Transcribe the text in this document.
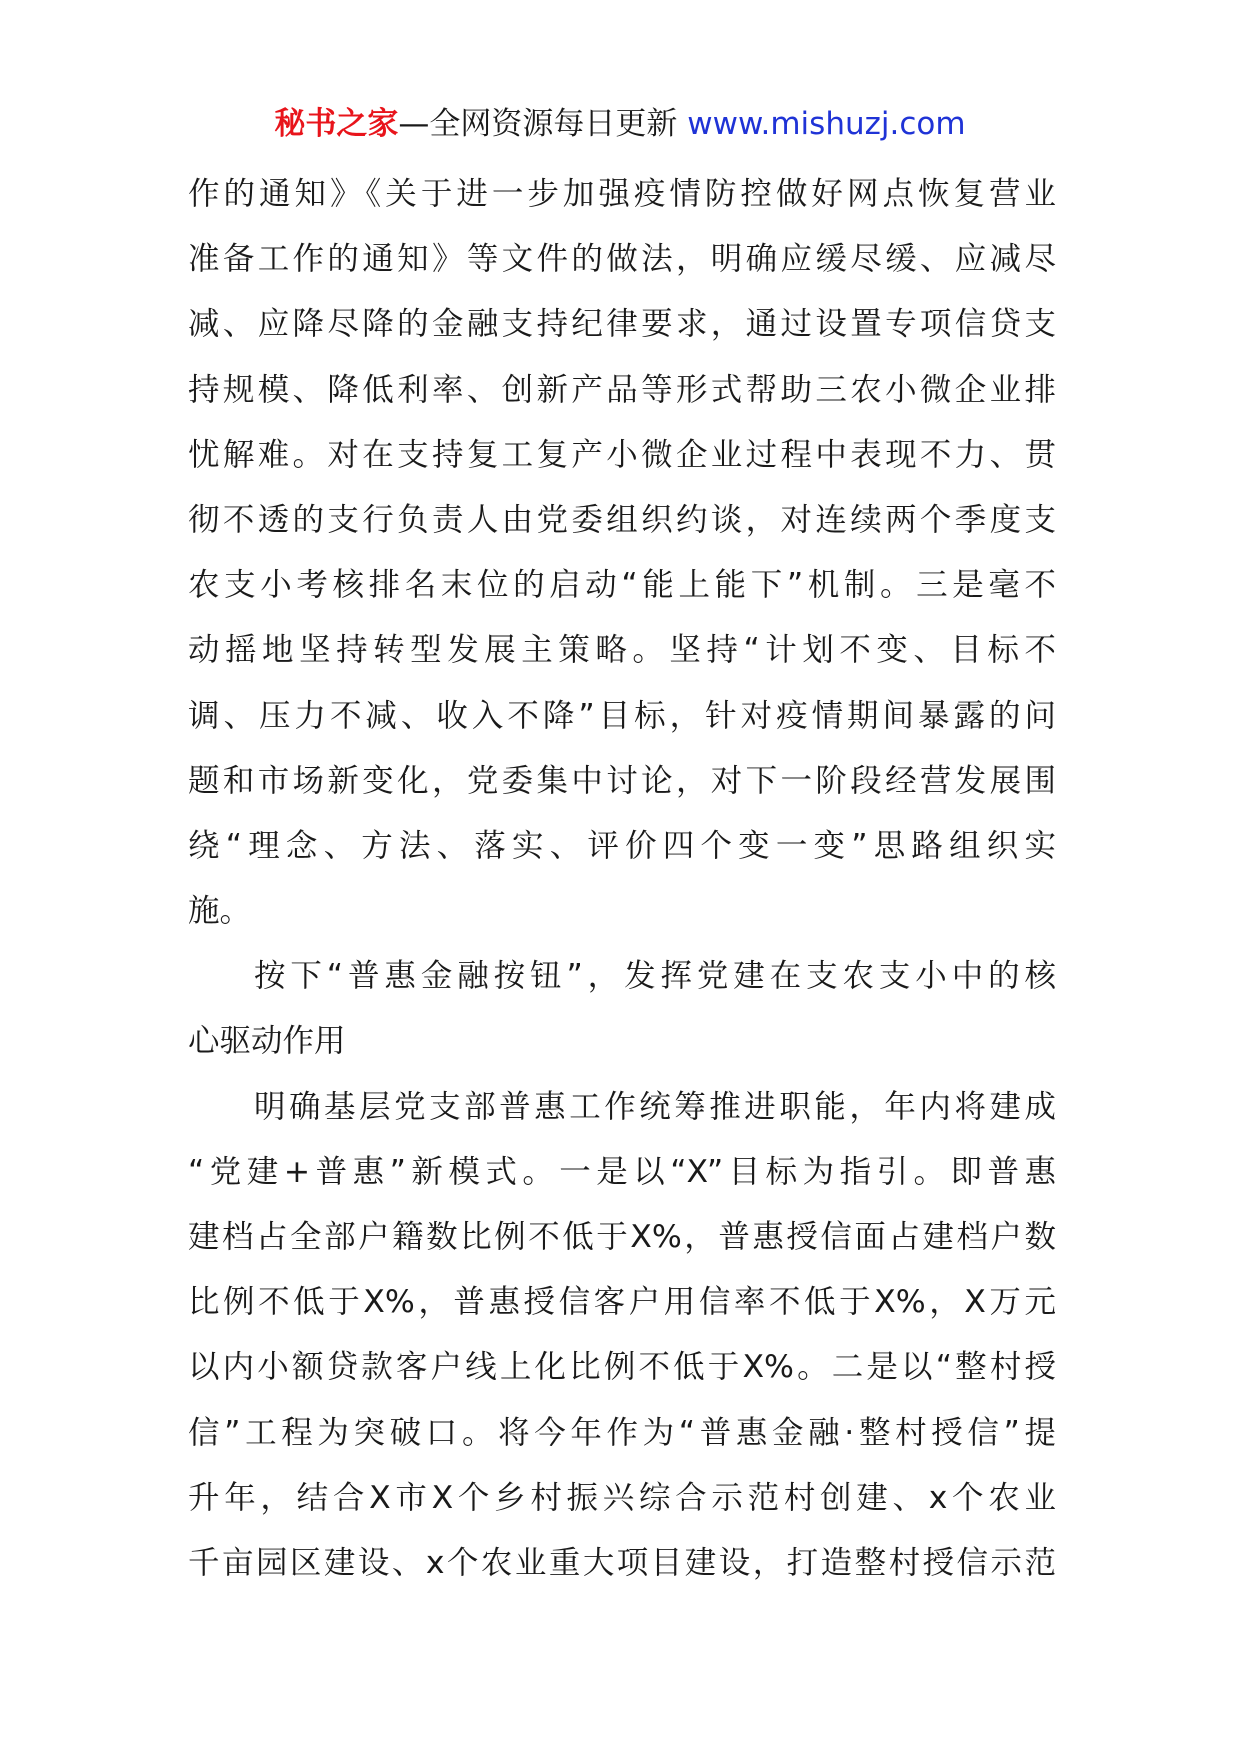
秘书之家—全网资源每日更新 www.mishuzj.com
作的通知》《关于进一步加强疫情防控做好网点恢复营业
准备工作的通知》等文件的做法，明确应缓尽缓、应减尽
减、应降尽降的金融支持纪律要求，通过设置专项信贷支
持规模、降低利率、创新产品等形式帮助三农小微企业排
忧解难。对在支持复工复产小微企业过程中表现不力、贯
彻不透的支行负责人由党委组织约谈，对连续两个季度支
农支小考核排名末位的启动“能上能下”机制。三是毫不
动摇地坚持转型发展主策略。坚持“计划不变、目标不
调、压力不减、收入不降”目标，针对疫情期间暴露的问
题和市场新变化，党委集中讨论，对下一阶段经营发展围
绕“理念、方法、落实、评价四个变一变”思路组织实
施。
按下“普惠金融按钮”，发挥党建在支农支小中的核
心驱动作用
明确基层党支部普惠工作统筹推进职能，年内将建成
“党建+普惠”新模式。一是以“X”目标为指引。即普惠
建档占全部户籍数比例不低于X%，普惠授信面占建档户数
比例不低于X%，普惠授信客户用信率不低于X%，X万元
以内小额贷款客户线上化比例不低于X%。二是以“整村授
信”工程为突破口。将今年作为“普惠金融·整村授信”提
升年，结合X市X个乡村振兴综合示范村创建、x个农业
千亩园区建设、x个农业重大项目建设，打造整村授信示范
